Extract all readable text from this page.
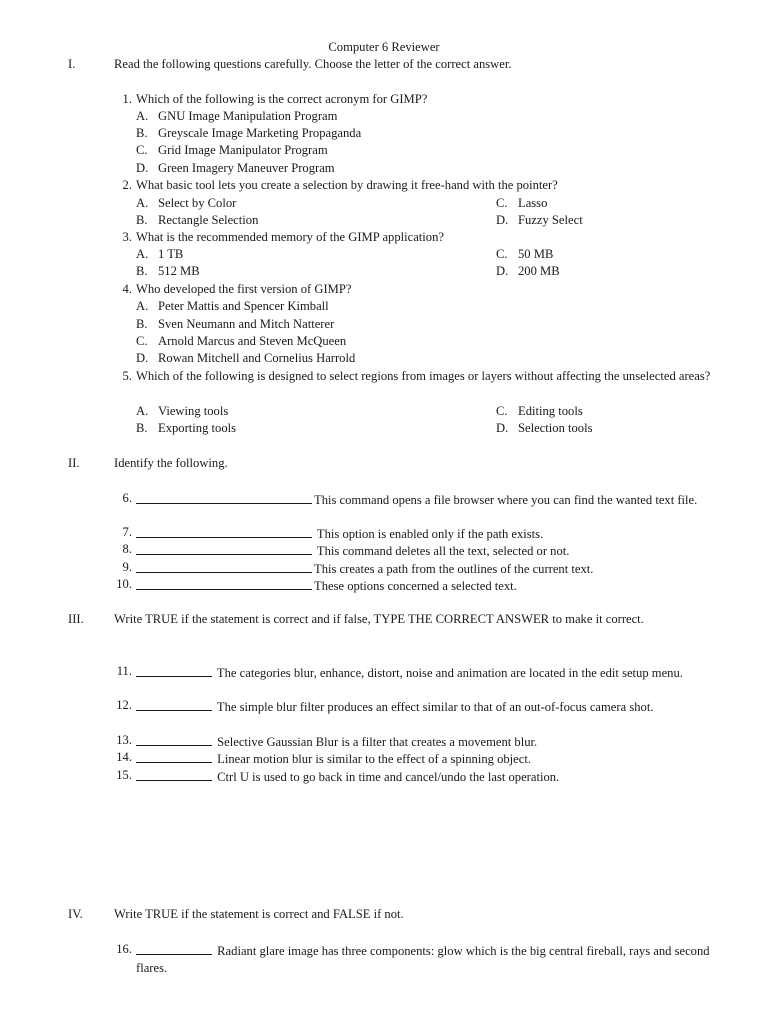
Computer 6 Reviewer
I.	Read the following questions carefully. Choose the letter of the correct answer.
1. Which of the following is the correct acronym for GIMP?
A. GNU Image Manipulation Program
B. Greyscale Image Marketing Propaganda
C. Grid Image Manipulator Program
D. Green Imagery Maneuver Program
2. What basic tool lets you create a selection by drawing it free-hand with the pointer?
A. Select by Color	C. Lasso
B. Rectangle Selection	D. Fuzzy Select
3. What is the recommended memory of the GIMP application?
A. 1 TB	C. 50 MB
B. 512 MB	D. 200 MB
4. Who developed the first version of GIMP?
A. Peter Mattis and Spencer Kimball
B. Sven Neumann and Mitch Natterer
C. Arnold Marcus and Steven McQueen
D. Rowan Mitchell and Cornelius Harrold
5. Which of the following is designed to select regions from images or layers without affecting the unselected areas?
A. Viewing tools	C. Editing tools
B. Exporting tools	D. Selection tools
II.	Identify the following.
6.	This command opens a file browser where you can find the wanted text file.
7.	This option is enabled only if the path exists.
8.	This command deletes all the text, selected or not.
9.	This creates a path from the outlines of the current text.
10.	These options concerned a selected text.
III. Write TRUE if the statement is correct and if false, TYPE THE CORRECT ANSWER to make it correct.
11.	The categories blur, enhance, distort, noise and animation are located in the edit setup menu.
12.	The simple blur filter produces an effect similar to that of an out-of-focus camera shot.
13.	Selective Gaussian Blur is a filter that creates a movement blur.
14.	Linear motion blur is similar to the effect of a spinning object.
15.	Ctrl U is used to go back in time and cancel/undo the last operation.
IV. Write TRUE if the statement is correct and FALSE if not.
16.	Radiant glare image has three components: glow which is the big central fireball, rays and second flares.
